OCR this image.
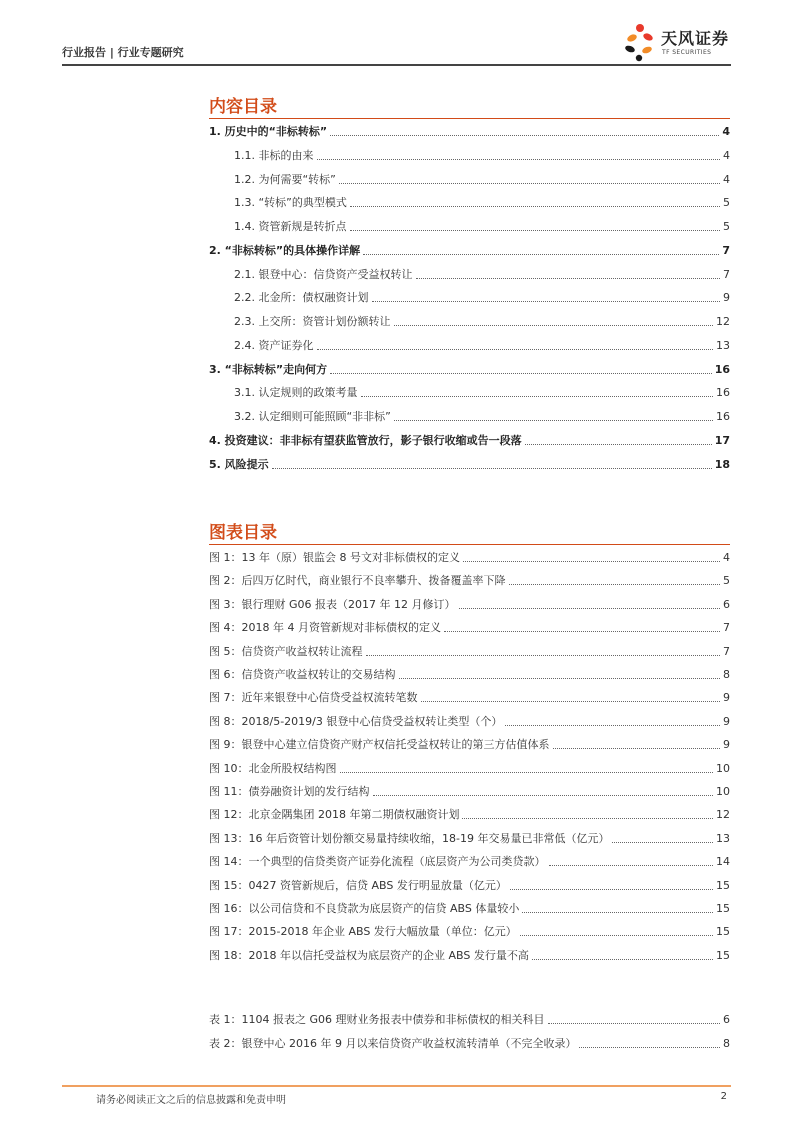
行业报告 | 行业专题研究
天风证券
TF SECURITIES
内容目录
1. 历史中的“非标转标”	4
1.1. 非标的由来	4
1.2. 为何需要“转标”	4
1.3. “转标”的典型模式	5
1.4. 资管新规是转折点	5
2. “非标转标”的具体操作详解	7
2.1. 银登中心：信贷资产受益权转让	7
2.2. 北金所：债权融资计划	9
2.3. 上交所：资管计划份额转让	12
2.4. 资产证券化	13
3. “非标转标”走向何方	16
3.1. 认定规则的政策考量	16
3.2. 认定细则可能照顾“非非标”	16
4. 投资建议：非非标有望获监管放行，影子银行收缩或告一段落	17
5. 风险提示	18
图表目录
图 1：13 年（原）银监会 8 号文对非标债权的定义	4
图 2：后四万亿时代，商业银行不良率攀升、拨备覆盖率下降	5
图 3：银行理财 G06 报表（2017 年 12 月修订）	6
图 4：2018 年 4 月资管新规对非标债权的定义	7
图 5：信贷资产收益权转让流程	7
图 6：信贷资产收益权转让的交易结构	8
图 7：近年来银登中心信贷受益权流转笔数	9
图 8：2018/5-2019/3 银登中心信贷受益权转让类型（个）	9
图 9：银登中心建立信贷资产财产权信托受益权转让的第三方估值体系	9
图 10：北金所股权结构图	10
图 11：债券融资计划的发行结构	10
图 12：北京金隅集团 2018 年第二期债权融资计划	12
图 13：16 年后资管计划份额交易量持续收缩，18-19 年交易量已非常低（亿元）	13
图 14：一个典型的信贷类资产证券化流程（底层资产为公司类贷款）	14
图 15：0427 资管新规后，信贷 ABS 发行明显放量（亿元）	15
图 16：以公司信贷和不良贷款为底层资产的信贷 ABS 体量较小	15
图 17：2015-2018 年企业 ABS 发行大幅放量（单位：亿元）	15
图 18：2018 年以信托受益权为底层资产的企业 ABS 发行量不高	15
表 1：1104 报表之 G06 理财业务报表中债券和非标债权的相关科目	6
表 2：银登中心 2016 年 9 月以来信贷资产收益权流转清单（不完全收录）	8
请务必阅读正文之后的信息披露和免责申明	2
